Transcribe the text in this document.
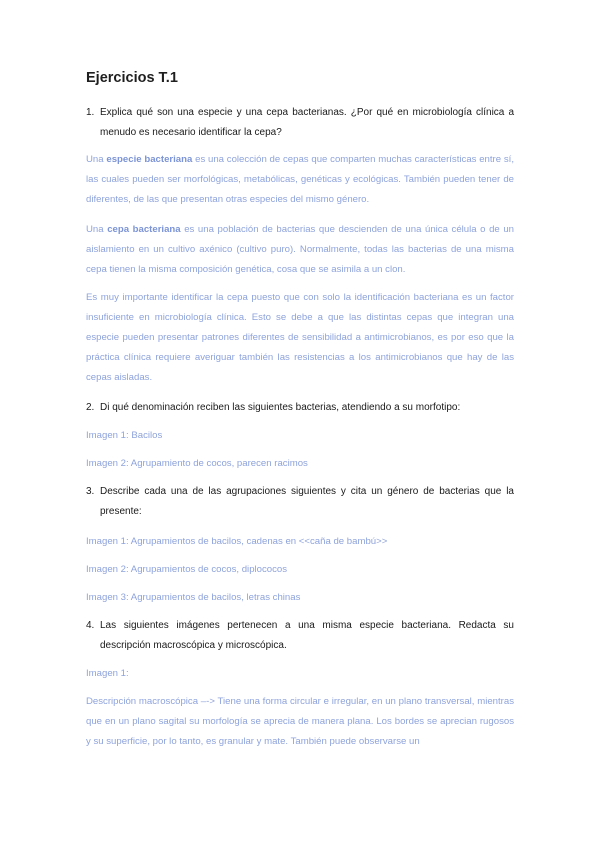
Ejercicios T.1
1. Explica qué son una especie y una cepa bacterianas. ¿Por qué en microbiología clínica a menudo es necesario identificar la cepa?
Una especie bacteriana es una colección de cepas que comparten muchas características entre sí, las cuales pueden ser morfológicas, metabólicas, genéticas y ecológicas. También pueden tener de diferentes, de las que presentan otras especies del mismo género.
Una cepa bacteriana es una población de bacterias que descienden de una única célula o de un aislamiento en un cultivo axénico (cultivo puro). Normalmente, todas las bacterias de una misma cepa tienen la misma composición genética, cosa que se asimila a un clon.
Es muy importante identificar la cepa puesto que con solo la identificación bacteriana es un factor insuficiente en microbiología clínica. Esto se debe a que las distintas cepas que integran una especie pueden presentar patrones diferentes de sensibilidad a antimicrobianos, es por eso que la práctica clínica requiere averiguar también las resistencias a los antimicrobianos que hay de las cepas aisladas.
2. Di qué denominación reciben las siguientes bacterias, atendiendo a su morfotipo:
Imagen 1: Bacilos
Imagen 2: Agrupamiento de cocos, parecen racimos
3. Describe cada una de las agrupaciones siguientes y cita un género de bacterias que la presente:
Imagen 1: Agrupamientos de bacilos, cadenas en <<caña de bambú>>
Imagen 2: Agrupamientos de cocos, diplococos
Imagen 3: Agrupamientos de bacilos, letras chinas
4. Las siguientes imágenes pertenecen a una misma especie bacteriana. Redacta su descripción macroscópica y microscópica.
Imagen 1:
Descripción macroscópica –-> Tiene una forma circular e irregular, en un plano transversal, mientras que en un plano sagital su morfología se aprecia de manera plana. Los bordes se aprecian rugosos y su superficie, por lo tanto, es granular y mate. También puede observarse un
